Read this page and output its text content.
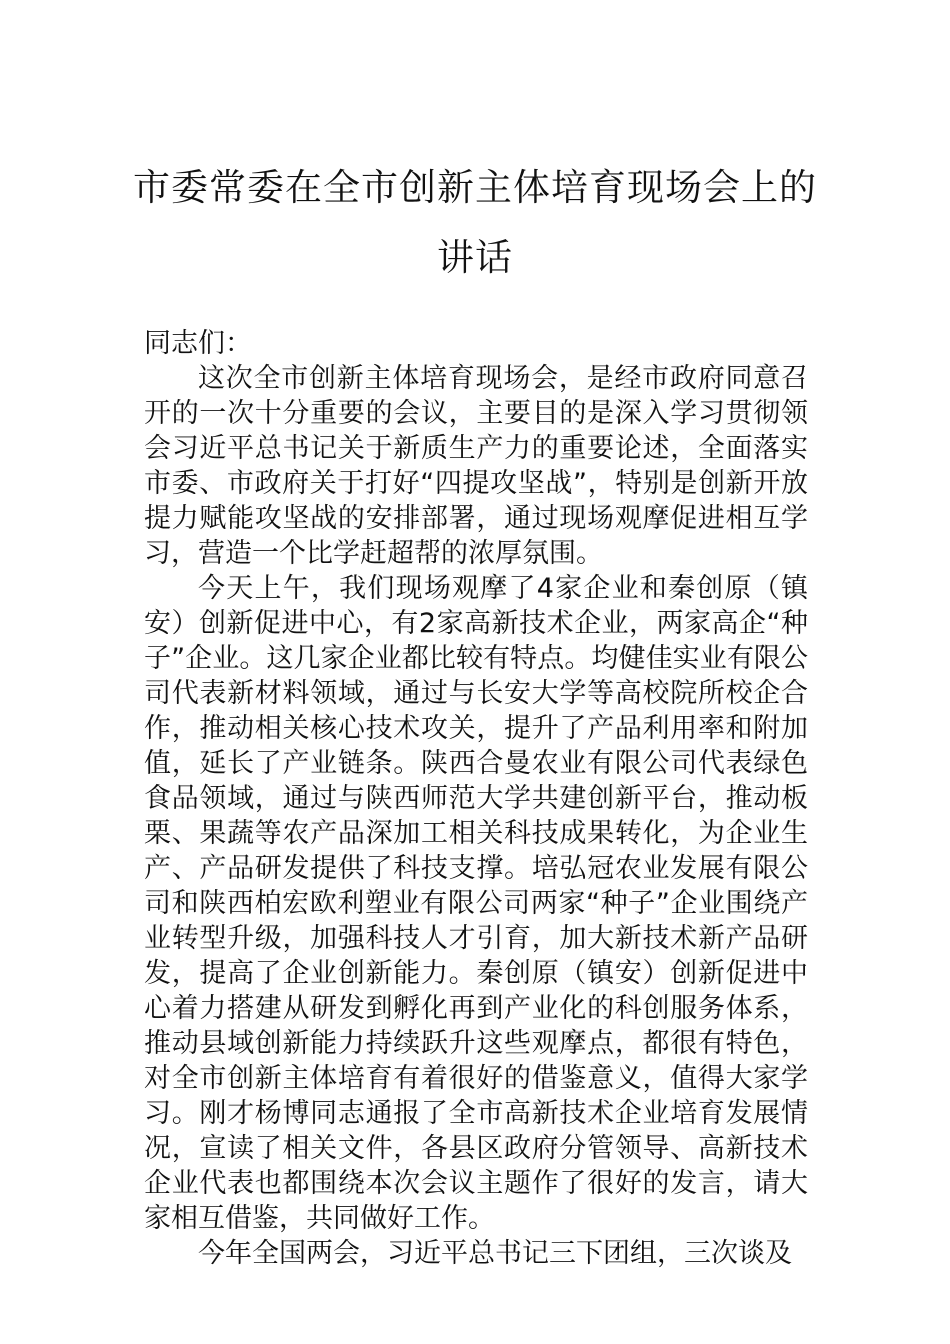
市委常委在全市创新主体培育现场会上的
讲话

同志们：

这次全市创新主体培育现场会，是经市政府同意召开的一次十分重要的会议，主要目的是深入学习贯彻领会习近平总书记关于新质生产力的重要论述，全面落实市委、市政府关于打好“四提攻坚战”，特别是创新开放提力赋能攻坚战的安排部署，通过现场观摩促进相互学习，营造一个比学赶超帮的浓厚氛围。

今天上午，我们现场观摩了4家企业和秦创原（镇安）创新促进中心，有2家高新技术企业，两家高企“种子”企业。这几家企业都比较有特点。均健佳实业有限公司代表新材料领域，通过与长安大学等高校院所校企合作，推动相关核心技术攻关，提升了产品利用率和附加值，延长了产业链条。陕西合曼农业有限公司代表绿色食品领域，通过与陕西师范大学共建创新平台，推动板栗、果蔬等农产品深加工相关科技成果转化，为企业生产、产品研发提供了科技支撑。培弘冠农业发展有限公司和陕西柏宏欧利塑业有限公司两家“种子”企业围绕产业转型升级，加强科技人才引育，加大新技术新产品研发，提高了企业创新能力。秦创原（镇安）创新促进中心着力搭建从研发到孵化再到产业化的科创服务体系，推动县域创新能力持续跃升这些观摩点，都很有特色，对全市创新主体培育有着很好的借鉴意义，值得大家学习。刚才杨博同志通报了全市高新技术企业培育发展情况，宣读了相关文件，各县区政府分管领导、高新技术企业代表也都围绕本次会议主题作了很好的发言，请大家相互借鉴，共同做好工作。

今年全国两会，习近平总书记三下团组，三次谈及
